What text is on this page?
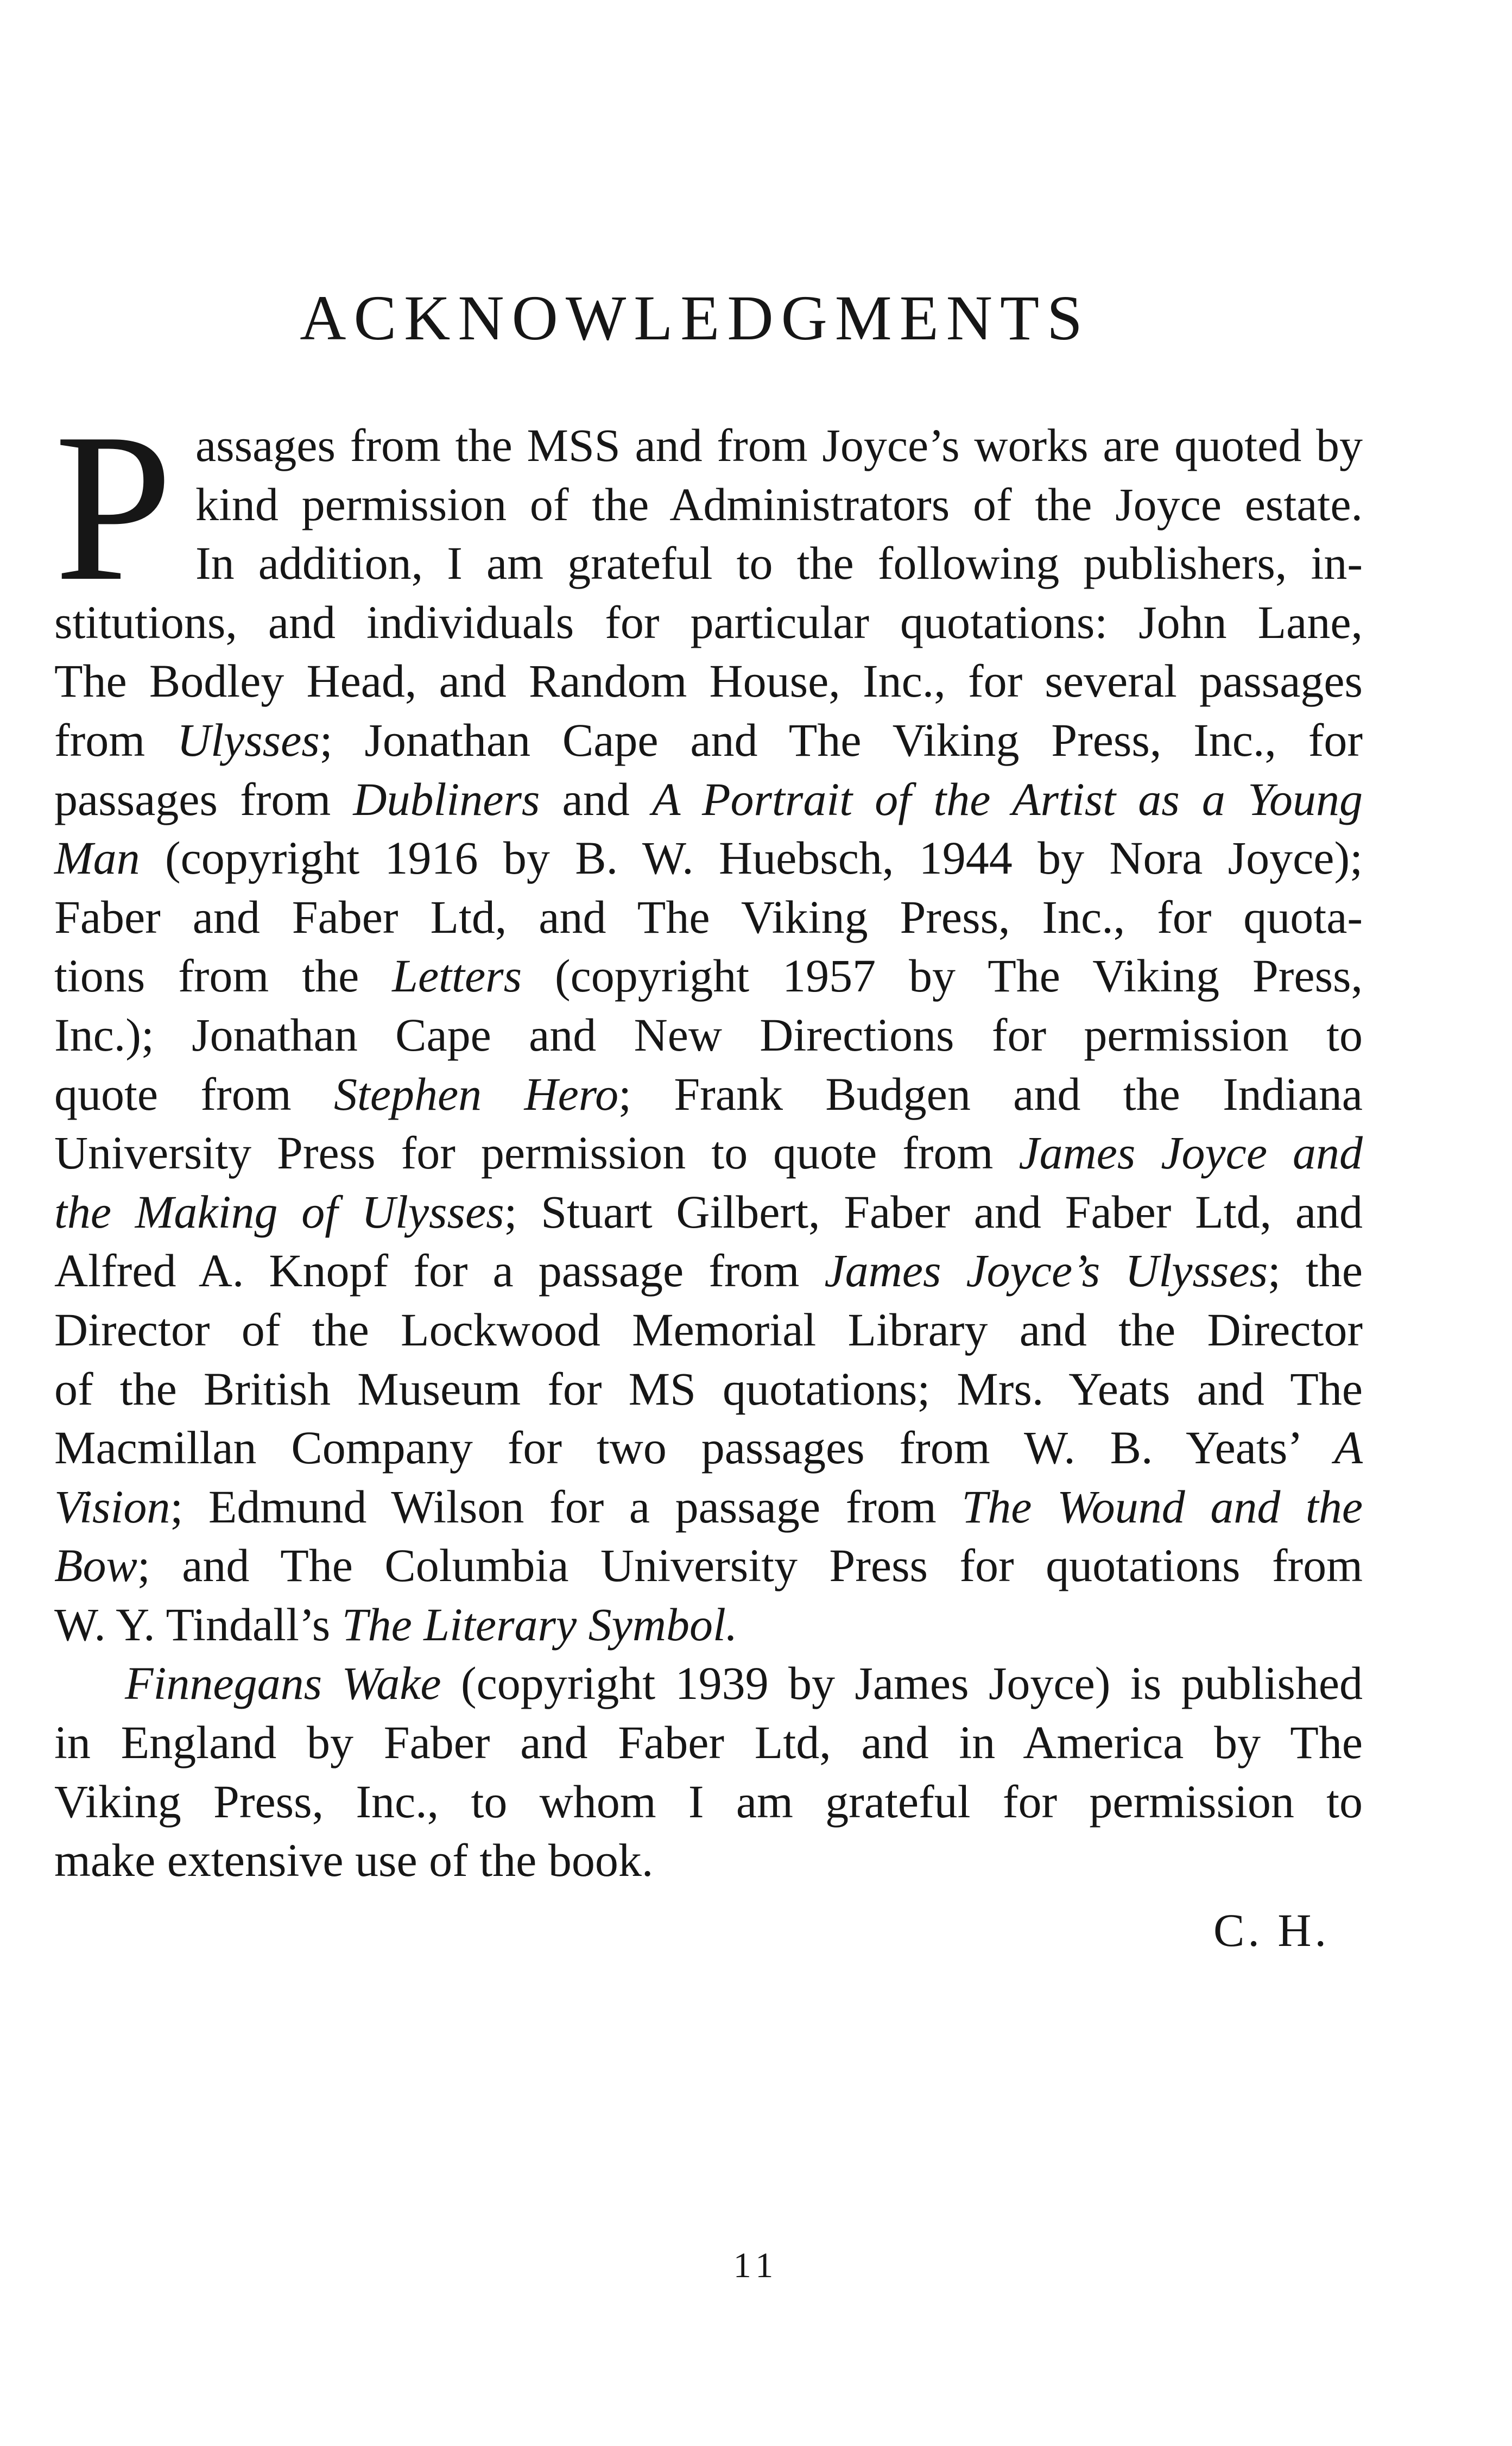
ACKNOWLEDGMENTS
P assages from the MSS and from Joyce’s works are quoted by
kind permission of the Administrators of the Joyce estate.
In addition, I am grateful to the following publishers, in-
stitutions, and individuals for particular quotations: John Lane,
The Bodley Head, and Random House, Inc., for several passages
from Ulysses; Jonathan Cape and The Viking Press, Inc., for
passages from Dubliners and A Portrait of the Artist as a Young
Man (copyright 1916 by B. W. Huebsch, 1944 by Nora Joyce);
Faber and Faber Ltd, and The Viking Press, Inc., for quota-
tions from the Letters (copyright 1957 by The Viking Press,
Inc.); Jonathan Cape and New Directions for permission to
quote from Stephen Hero; Frank Budgen and the Indiana
University Press for permission to quote from James Joyce and
the Making of Ulysses; Stuart Gilbert, Faber and Faber Ltd, and
Alfred A. Knopf for a passage from James Joyce’s Ulysses; the
Director of the Lockwood Memorial Library and the Director
of the British Museum for MS quotations; Mrs. Yeats and The
Macmillan Company for two passages from W. B. Yeats’ A
Vision; Edmund Wilson for a passage from The Wound and the
Bow; and The Columbia University Press for quotations from
W. Y. Tindall’s The Literary Symbol.
Finnegans Wake (copyright 1939 by James Joyce) is published
in England by Faber and Faber Ltd, and in America by The
Viking Press, Inc., to whom I am grateful for permission to
make extensive use of the book.
C. H.
11
